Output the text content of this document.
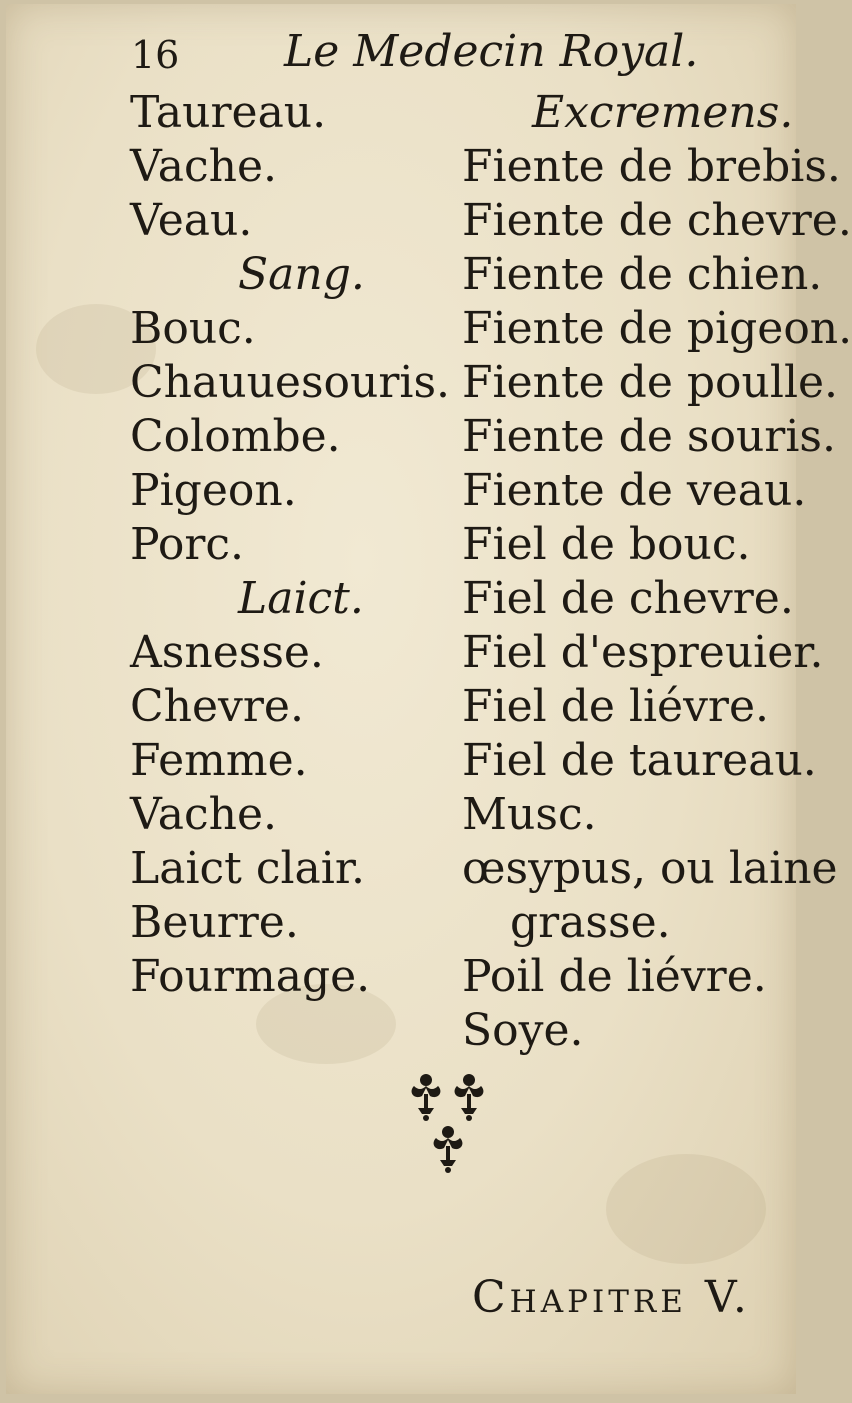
16 Le Medecin Royal.
Taureau.
Vache.
Veau.
Sang.
Bouc.
Chauuesouris.
Colombe.
Pigeon.
Porc.
Laict.
Asnesse.
Chevre.
Femme.
Vache.
Laict clair.
Beurre.
Fourmage.
Excremens.
Fiente de brebis.
Fiente de chevre.
Fiente de chien.
Fiente de pigeon.
Fiente de poulle.
Fiente de souris.
Fiente de veau.
Fiel de bouc.
Fiel de chevre.
Fiel d'espreuier.
Fiel de liévre.
Fiel de taureau.
Musc.
œsypus, ou laine
grasse.
Poil de liévre.
Soye.
Chapitre V.
